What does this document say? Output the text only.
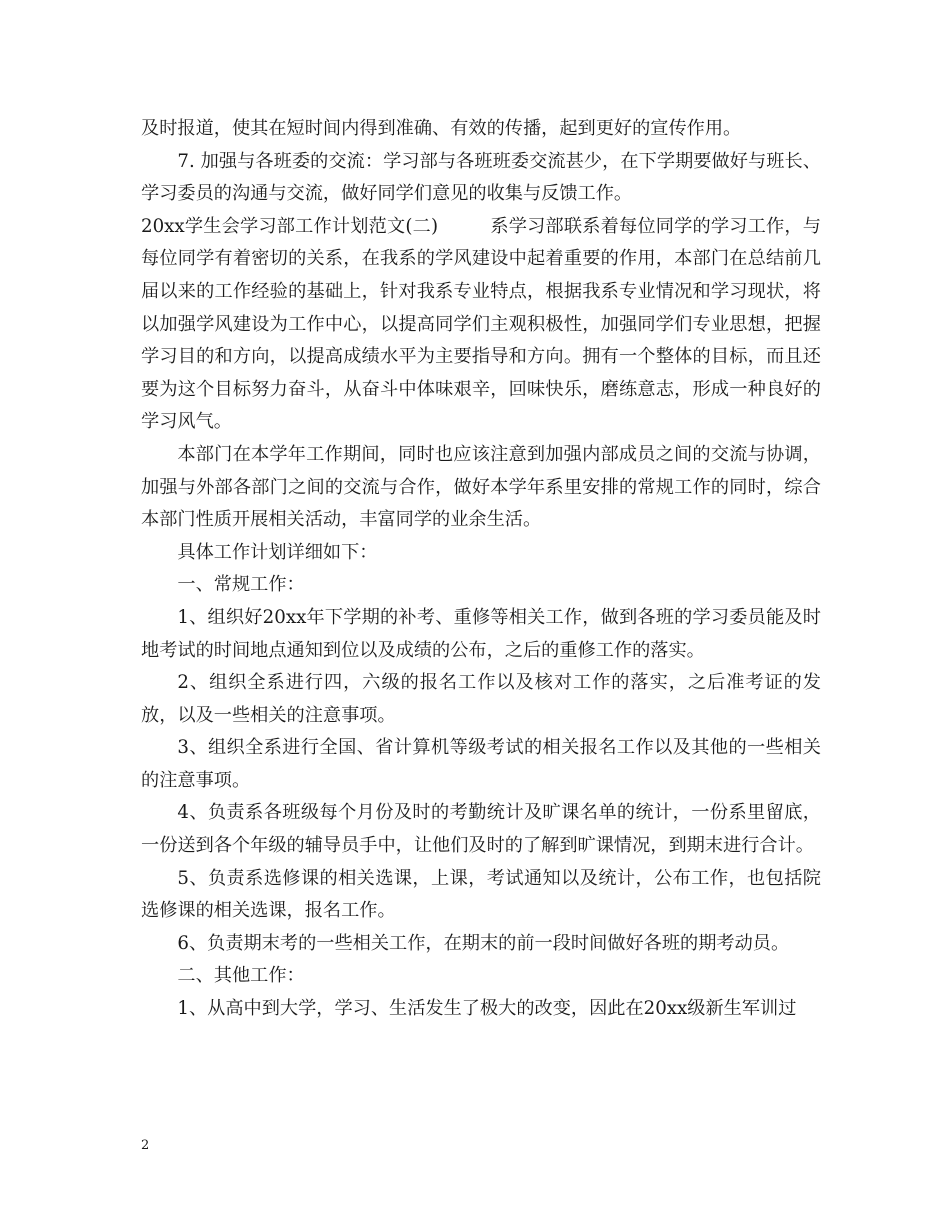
及时报道，使其在短时间内得到准确、有效的传播，起到更好的宣传作用。

7. 加强与各班委的交流：学习部与各班班委交流甚少，在下学期要做好与班长、学习委员的沟通与交流，做好同学们意见的收集与反馈工作。

20xx学生会学习部工作计划范文(二)	系学习部联系着每位同学的学习工作，与每位同学有着密切的关系，在我系的学风建设中起着重要的作用，本部门在总结前几届以来的工作经验的基础上，针对我系专业特点，根据我系专业情况和学习现状，将以加强学风建设为工作中心，以提高同学们主观积极性，加强同学们专业思想，把握学习目的和方向，以提高成绩水平为主要指导和方向。拥有一个整体的目标，而且还要为这个目标努力奋斗，从奋斗中体味艰辛，回味快乐，磨练意志，形成一种良好的学习风气。

本部门在本学年工作期间，同时也应该注意到加强内部成员之间的交流与协调，加强与外部各部门之间的交流与合作，做好本学年系里安排的常规工作的同时，综合本部门性质开展相关活动，丰富同学的业余生活。

具体工作计划详细如下：

一、常规工作：

1、组织好20xx年下学期的补考、重修等相关工作，做到各班的学习委员能及时地考试的时间地点通知到位以及成绩的公布，之后的重修工作的落实。

2、组织全系进行四，六级的报名工作以及核对工作的落实，之后准考证的发放，以及一些相关的注意事项。

3、组织全系进行全国、省计算机等级考试的相关报名工作以及其他的一些相关的注意事项。

4、负责系各班级每个月份及时的考勤统计及旷课名单的统计，一份系里留底，一份送到各个年级的辅导员手中，让他们及时的了解到旷课情况，到期末进行合计。

5、负责系选修课的相关选课，上课，考试通知以及统计，公布工作，也包括院选修课的相关选课，报名工作。

6、负责期末考的一些相关工作，在期末的前一段时间做好各班的期考动员。

二、其他工作：

1、从高中到大学，学习、生活发生了极大的改变，因此在20xx级新生军训过

2
